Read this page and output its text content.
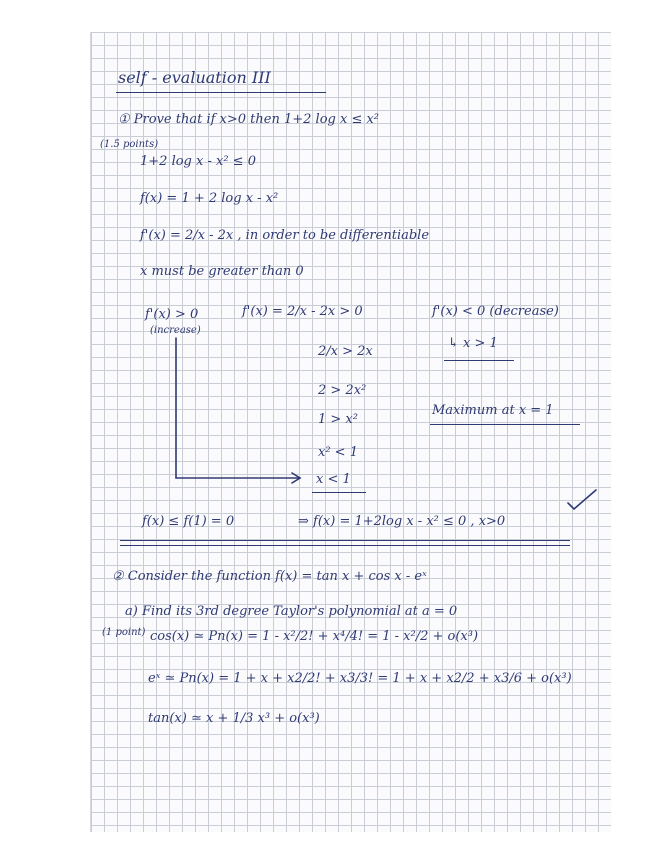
self - evaluation III
① Prove that if x>0 then 1+2 log x ≤ x²
(1.5 points)
1+2 log x - x² ≤ 0
f(x) = 1 + 2 log x - x²
f'(x) = 2/x - 2x , in order to be differentiable
x must be greater than 0
f'(x) > 0
(increase)
f'(x) = 2/x - 2x > 0	f'(x) < 0 (decrease)
↳ x > 1
2/x > 2x
2 > 2x²
Maximum at x = 1
1 > x²
x² < 1
x < 1
f(x) ≤ f(1) = 0	⇒ f(x) = 1+2log x - x² ≤ 0 , x>0
② Consider the function f(x) = tan x + cos x - eˣ
a) Find its 3rd degree Taylor's polynomial at a = 0
(1 point) cos(x) ≃ Pn(x) = 1 - x²/2! + x⁴/4! = 1 - x²/2 + o(x³)
eˣ ≃ Pn(x) = 1 + x + x2/2! + x3/3! = 1 + x + x2/2 + x3/6 + o(x³)
tan(x) ≃ x + 1/3 x³ + o(x³)
